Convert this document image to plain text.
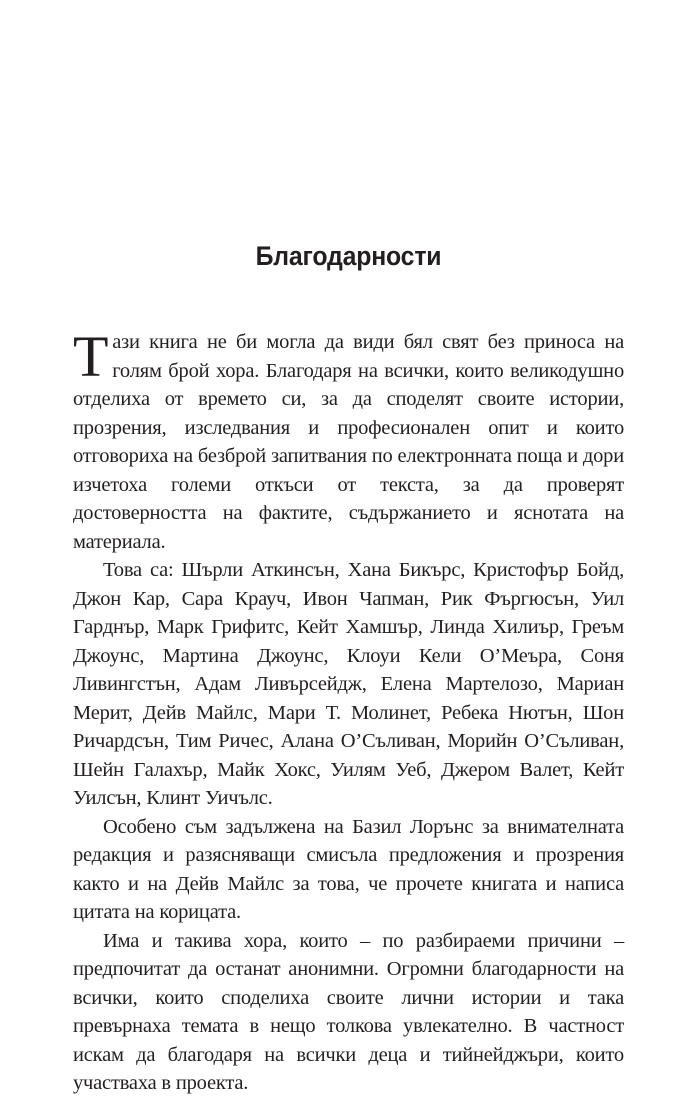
Благодарности

Тази книга не би могла да види бял свят без приноса на голям брой хора. Благодаря на всички, които великодушно отделиха от времето си, за да споделят своите истории, прозрения, изследвания и професионален опит и които отговориха на безброй запитвания по електронната поща и дори изчетоха големи откъси от текста, за да проверят достоверността на фактите, съдържанието и яснотата на материала.

Това са: Шърли Аткинсън, Хана Бикърс, Кристофър Бойд, Джон Кар, Сара Крауч, Ивон Чапман, Рик Фъргюсън, Уил Гарднър, Марк Грифитс, Кейт Хамшър, Линда Хилиър, Греъм Джоунс, Мартина Джоунс, Клоуи Кели О’Меъра, Соня Ливингстън, Адам Ливърсейдж, Елена Мартелозо, Мариан Мерит, Дейв Майлс, Мари Т. Молинет, Ребека Нютън, Шон Ричардсън, Тим Ричес, Алана О’Съливан, Морийн О’Съливан, Шейн Галахър, Майк Хокс, Уилям Уеб, Джером Валет, Кейт Уилсън, Клинт Уичълс.

Особено съм задължена на Базил Лорънс за внимателната редакция и разясняващи смисъла предложения и прозрения както и на Дейв Майлс за това, че прочете книгата и написа цитата на корицата.

Има и такива хора, които – по разбираеми причини – предпочитат да останат анонимни. Огромни благодарности на всички, които споделиха своите лични истории и така превърнаха темата в нещо толкова увлекателно. В частност искам да благодаря на всички деца и тийнейджъри, които участваха в проекта.
